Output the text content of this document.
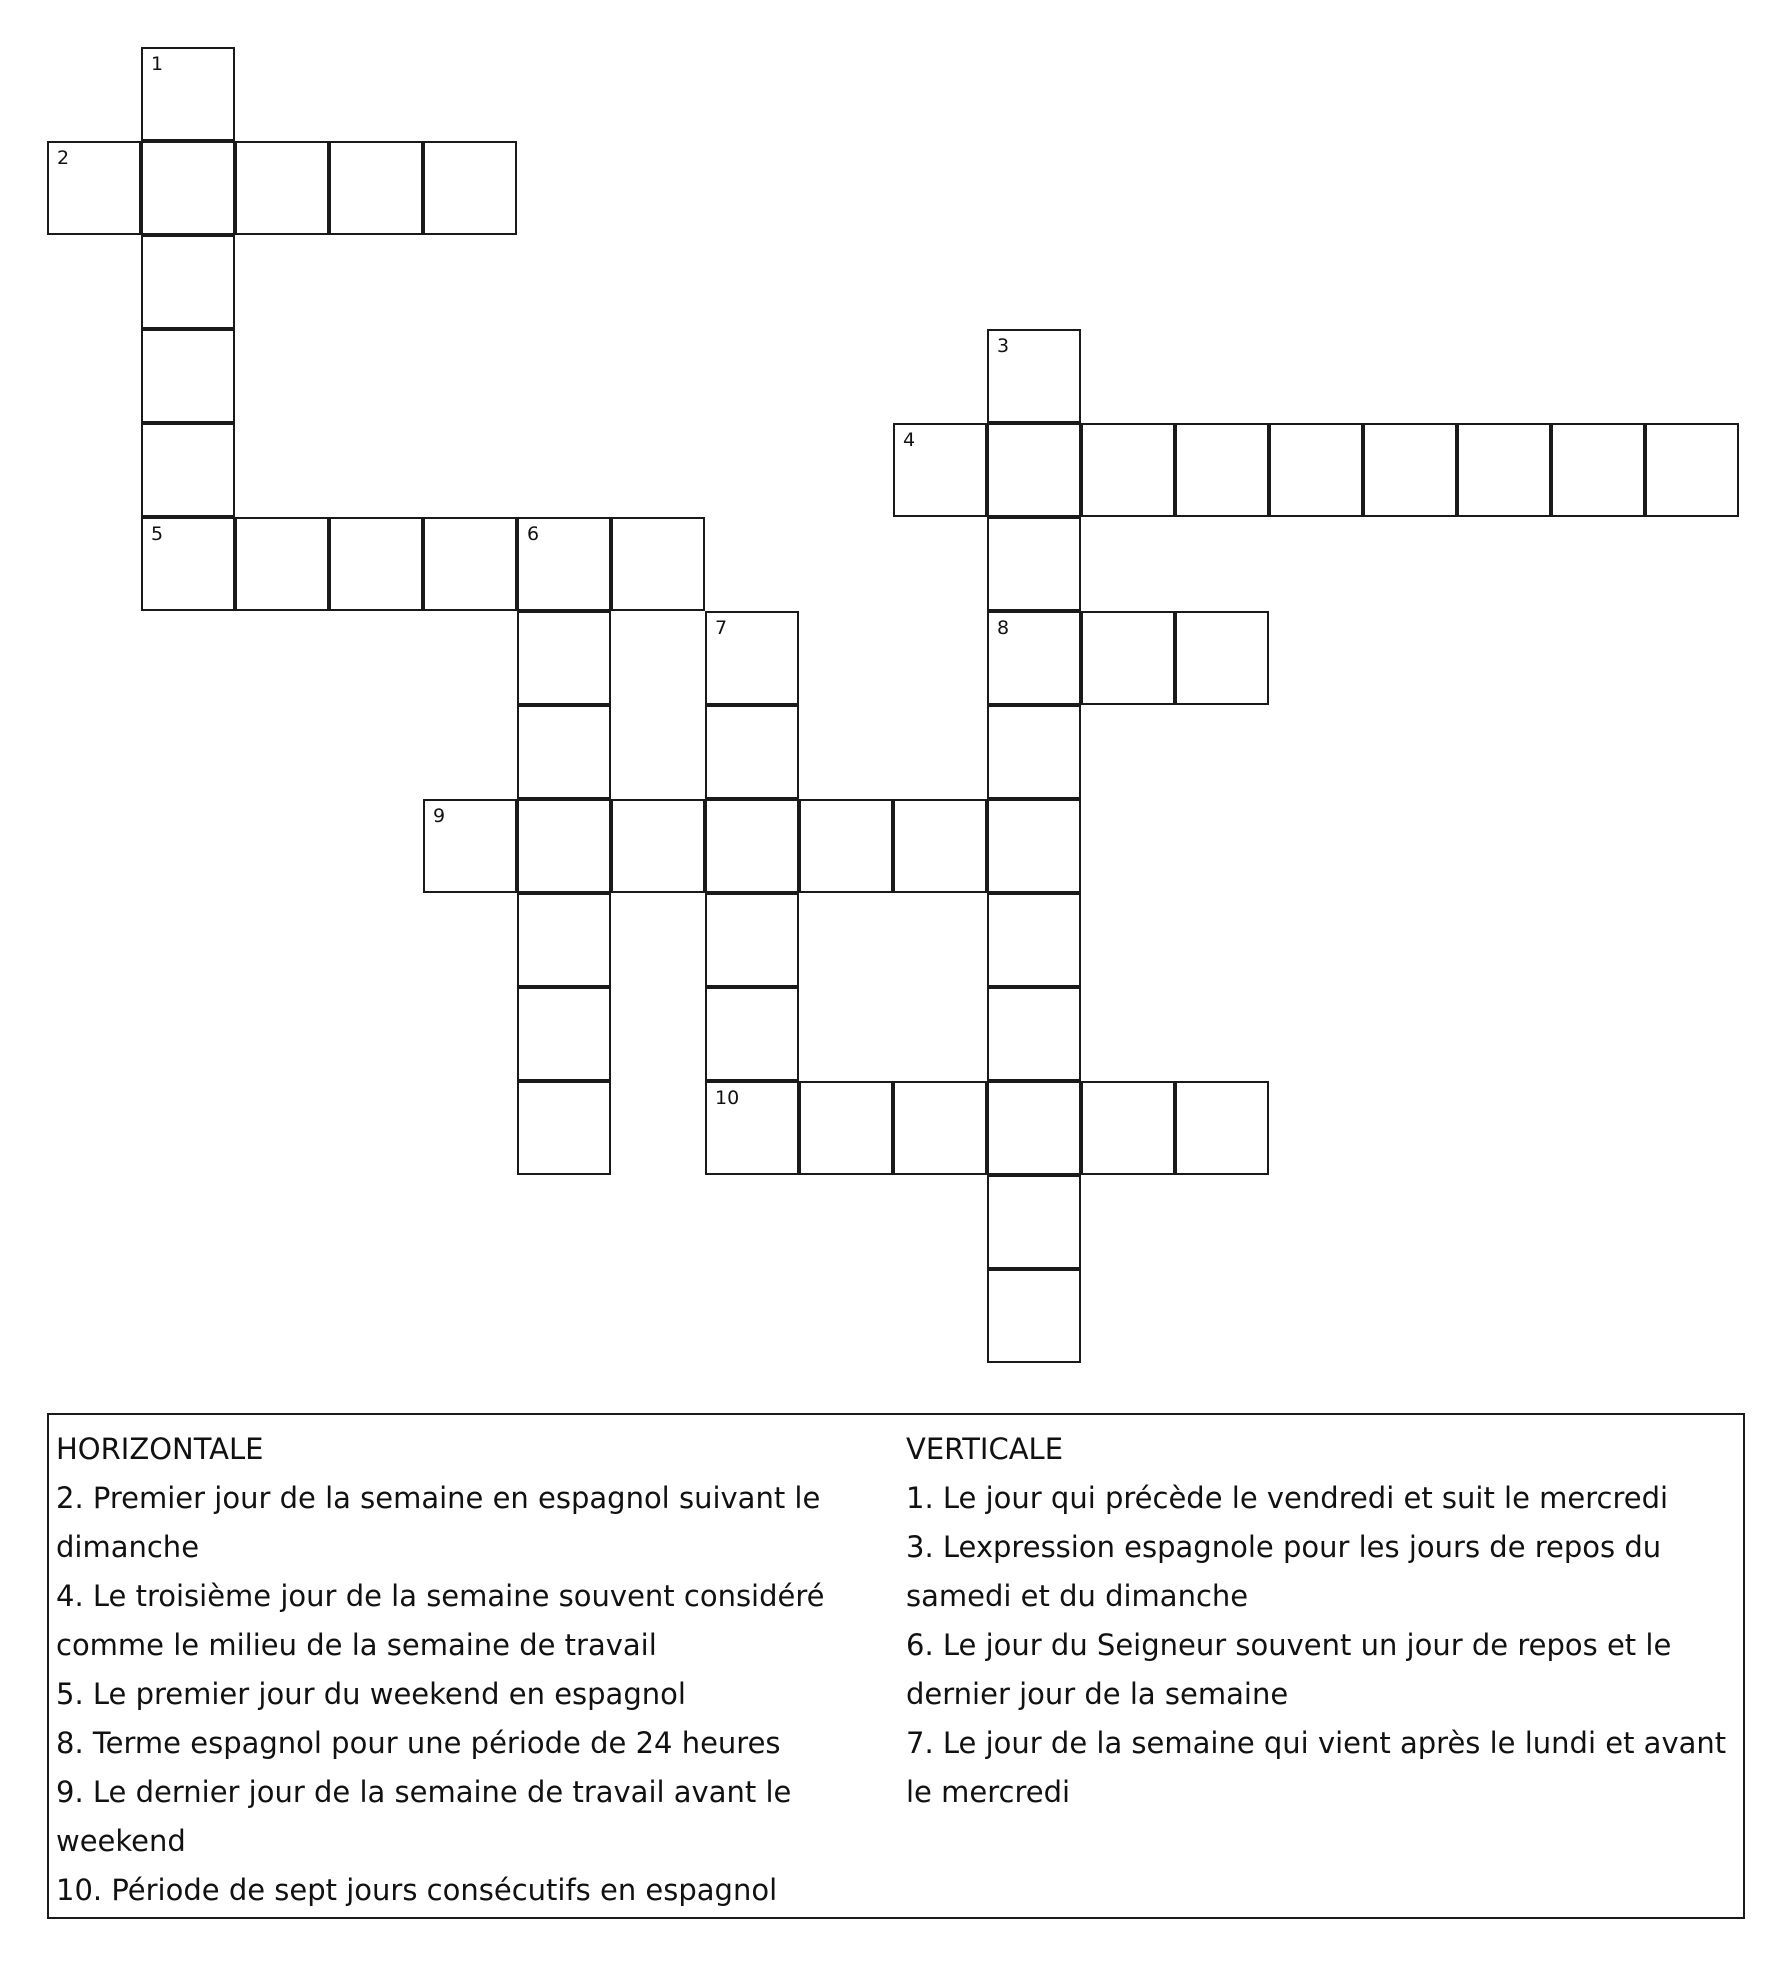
1
2
3
8
4
5	6
7
10
9
HORIZONTALE
2. Premier jour de la semaine en espagnol suivant le dimanche
4. Le troisième jour de la semaine souvent considéré comme le milieu de la semaine de travail
5. Le premier jour du weekend en espagnol
8. Terme espagnol pour une période de 24 heures
9. Le dernier jour de la semaine de travail avant le weekend
10. Période de sept jours consécutifs en espagnol
VERTICALE
1. Le jour qui précède le vendredi et suit le mercredi
3. Lexpression espagnole pour les jours de repos du samedi et du dimanche
6. Le jour du Seigneur souvent un jour de repos et le dernier jour de la semaine
7. Le jour de la semaine qui vient après le lundi et avant le mercredi
